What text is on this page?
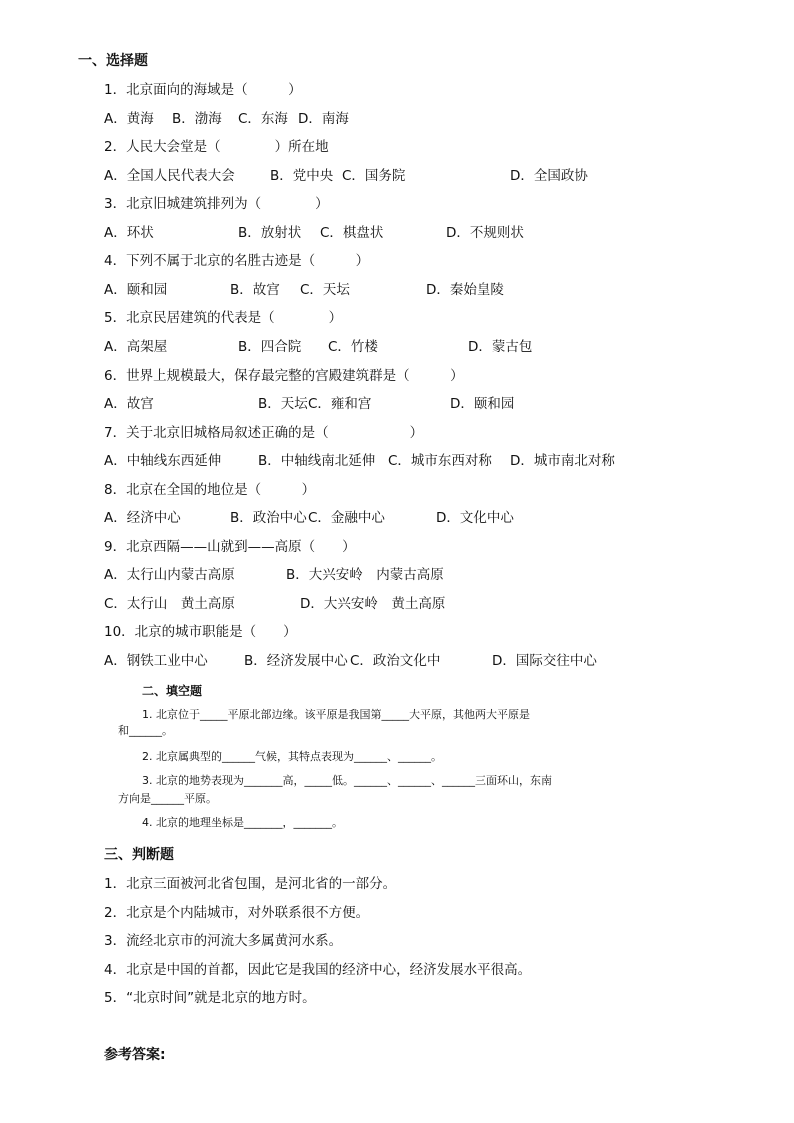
一、选择题
1．北京面向的海域是（　　　）
A．黄海 B．渤海 C．东海 D．南海
2．人民大会堂是（　　　　）所在地
A．全国人民代表大会	B．党中央 C．国务院	D．全国政协
3．北京旧城建筑排列为（　　　　）
A．环状	B．放射状 C．棋盘状	D．不规则状
4．下列不属于北京的名胜古迹是（　　　）
A．颐和园	B．故宫 C．天坛	D．秦始皇陵
5．北京民居建筑的代表是（　　　　）
A．高架屋	B．四合院 C．竹楼	D．蒙古包
6．世界上规模最大，保存最完整的宫殿建筑群是（　　　）
A．故宫	B．天坛 C．雍和宫	D．颐和园
7．关于北京旧城格局叙述正确的是（　　　　　　）
A．中轴线东西延伸	B．中轴线南北延伸 C．城市东西对称 D．城市南北对称
8．北京在全国的地位是（　　　）
A．经济中心	B．政治中心 C．金融中心	D．文化中心
9．北京西隔——山就到——高原（　　）
A．太行山内蒙古高原	B．大兴安岭　内蒙古高原
C．太行山　黄土高原	D．大兴安岭　黄土高原
10．北京的城市职能是（　　）
A．钢铁工业中心	B．经济发展中心 C．政治文化中	D．国际交往中心
二、填空题
1. 北京位于_____平原北部边缘。该平原是我国第_____大平原，其他两大平原是
和______。
2. 北京属典型的______气候，其特点表现为______、______。
3. 北京的地势表现为_______高，_____低。______、______、______三面环山，东南
方向是______平原。
4. 北京的地理坐标是_______，_______。
三、判断题
1．北京三面被河北省包围，是河北省的一部分。
2．北京是个内陆城市，对外联系很不方便。
3．流经北京市的河流大多属黄河水系。
4．北京是中国的首都，因此它是我国的经济中心，经济发展水平很高。
5．“北京时间”就是北京的地方时。
参考答案:
